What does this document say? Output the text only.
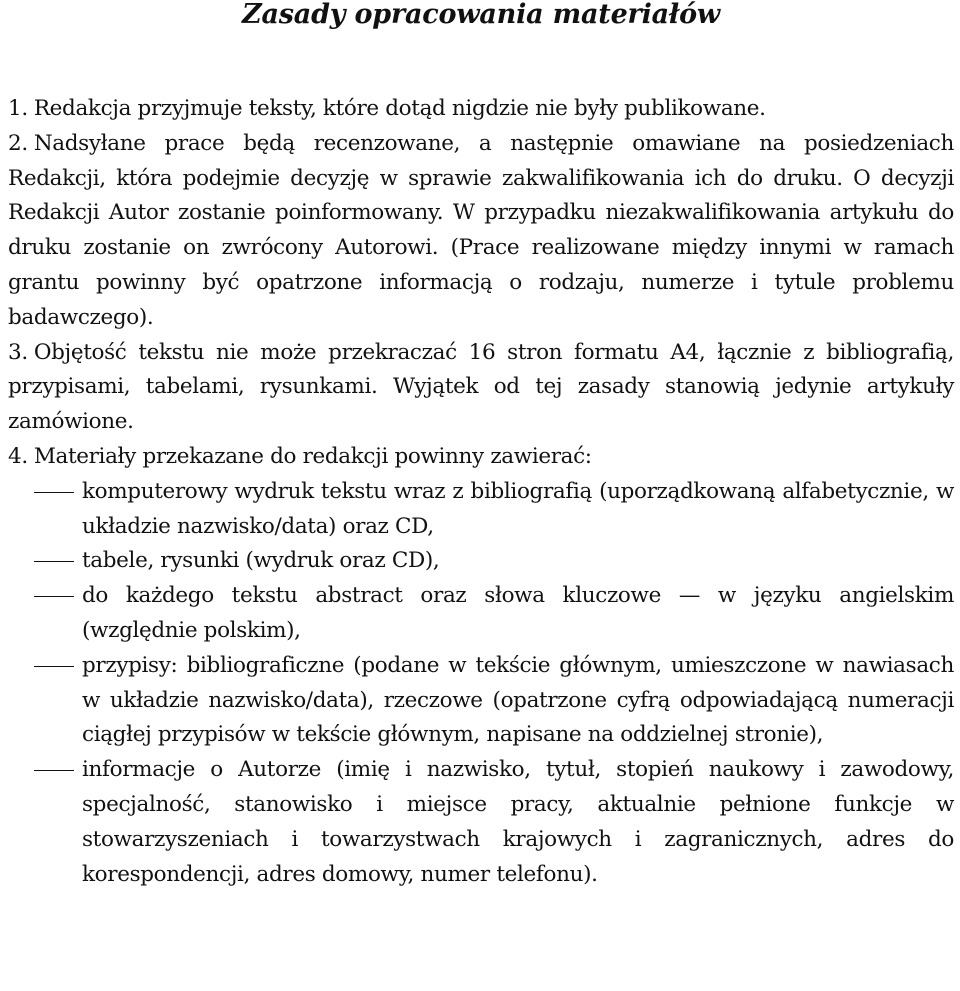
Zasady opracowania materiałów

1. Redakcja przyjmuje teksty, które dotąd nigdzie nie były publikowane.

2. Nadsyłane prace będą recenzowane, a następnie omawiane na posiedzeniach Redakcji, która podejmie decyzję w sprawie zakwalifikowania ich do druku. O decyzji Redakcji Autor zostanie poinformowany. W przypadku niezakwalifikowania artykułu do druku zostanie on zwrócony Autorowi. (Prace realizowane między innymi w ramach grantu powinny być opatrzone informacją o rodzaju, numerze i tytule problemu badawczego).

3. Objętość tekstu nie może przekraczać 16 stron formatu A4, łącznie z bibliografią, przypisami, tabelami, rysunkami. Wyjątek od tej zasady stanowią jedynie artykuły zamówione.

4. Materiały przekazane do redakcji powinny zawierać:

komputerowy wydruk tekstu wraz z bibliografią (uporządkowaną alfabetycznie, w układzie nazwisko/data) oraz CD,
tabele, rysunki (wydruk oraz CD),
do każdego tekstu abstract oraz słowa kluczowe — w języku angielskim (względnie polskim),
przypisy: bibliograficzne (podane w tekście głównym, umieszczone w nawiasach w układzie nazwisko/data), rzeczowe (opatrzone cyfrą odpowiadającą numeracji ciągłej przypisów w tekście głównym, napisane na oddzielnej stronie),
informacje o Autorze (imię i nazwisko, tytuł, stopień naukowy i zawodowy, specjalność, stanowisko i miejsce pracy, aktualnie pełnione funkcje w stowarzyszeniach i towarzystwach krajowych i zagranicznych, adres do korespondencji, adres domowy, numer telefonu).
